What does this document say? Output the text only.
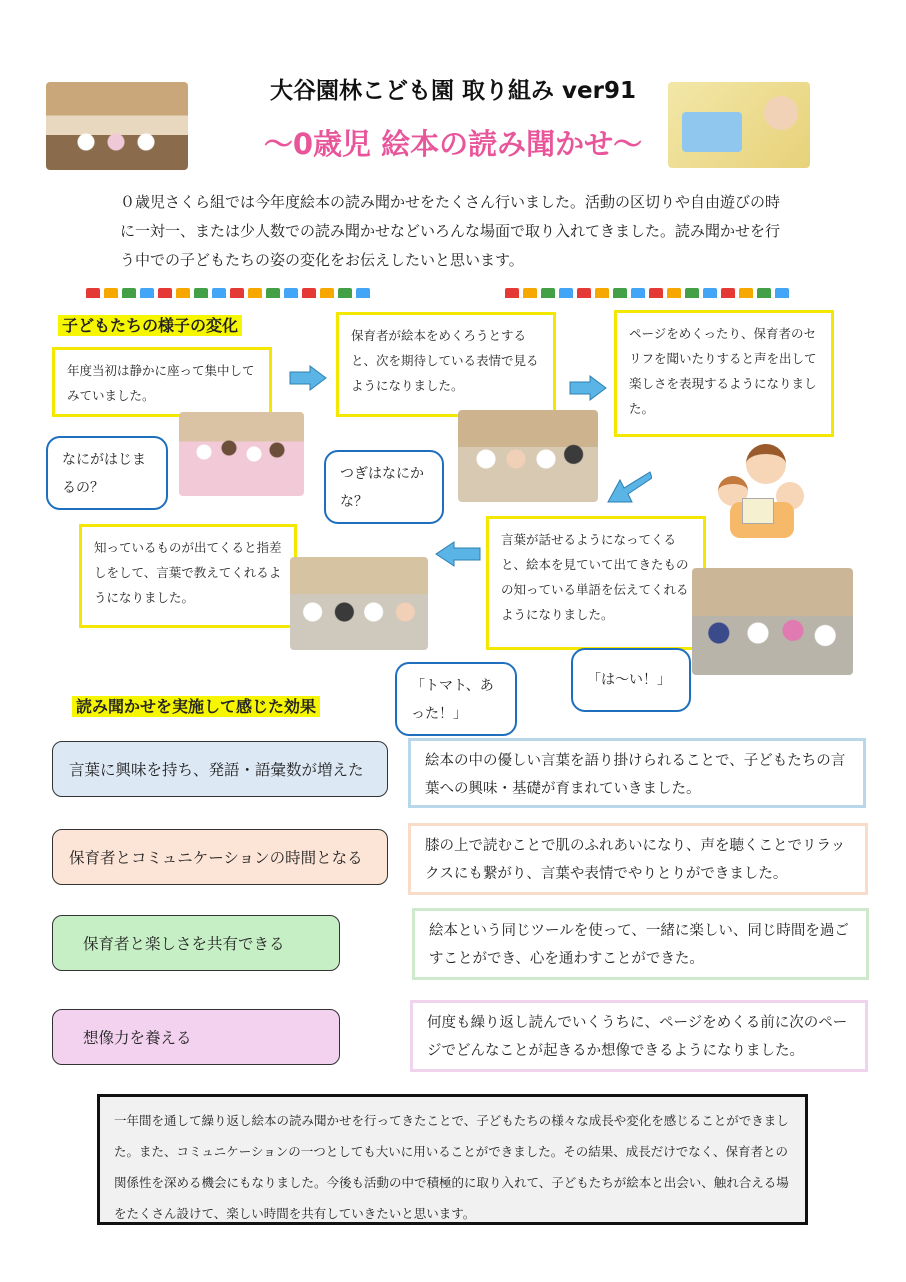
大谷園林こども園 取り組み ver91
～0歳児 絵本の読み聞かせ～
０歳児さくら組では今年度絵本の読み聞かせをたくさん行いました。活動の区切りや自由遊びの時に一対一、または少人数での読み聞かせなどいろんな場面で取り入れてきました。読み聞かせを行う中での子どもたちの姿の変化をお伝えしたいと思います。
子どもたちの様子の変化
年度当初は静かに座って集中してみていました。
保育者が絵本をめくろうとすると、次を期待している表情で見るようになりました。
ページをめくったり、保育者のセリフを聞いたりすると声を出して楽しさを表現するようになりました。
言葉が話せるようになってくると、絵本を見ていて出てきたものの知っている単語を伝えてくれるようになりました。
知っているものが出てくると指差しをして、言葉で教えてくれるようになりました。
なにがはじまるの？
つぎはなにかな？
「は～い！」
「トマト、あった！」
読み聞かせを実施して感じた効果
言葉に興味を持ち、発語・語彙数が増えた	絵本の中の優しい言葉を語り掛けられることで、子どもたちの言葉への興味・基礎が育まれていきました。
保育者とコミュニケーションの時間となる
膝の上で読むことで肌のふれあいになり、声を聴くことでリラックスにも繋がり、言葉や表情でやりとりができました。
保育者と楽しさを共有できる
絵本という同じツールを使って、一緒に楽しい、同じ時間を過ごすことができ、心を通わすことができた。
想像力を養える
何度も繰り返し読んでいくうちに、ページをめくる前に次のページでどんなことが起きるか想像できるようになりました。
一年間を通して繰り返し絵本の読み聞かせを行ってきたことで、子どもたちの様々な成長や変化を感じることができました。また、コミュニケーションの一つとしても大いに用いることができました。その結果、成長だけでなく、保育者との関係性を深める機会にもなりました。今後も活動の中で積極的に取り入れて、子どもたちが絵本と出会い、触れ合える場をたくさん設けて、楽しい時間を共有していきたいと思います。
